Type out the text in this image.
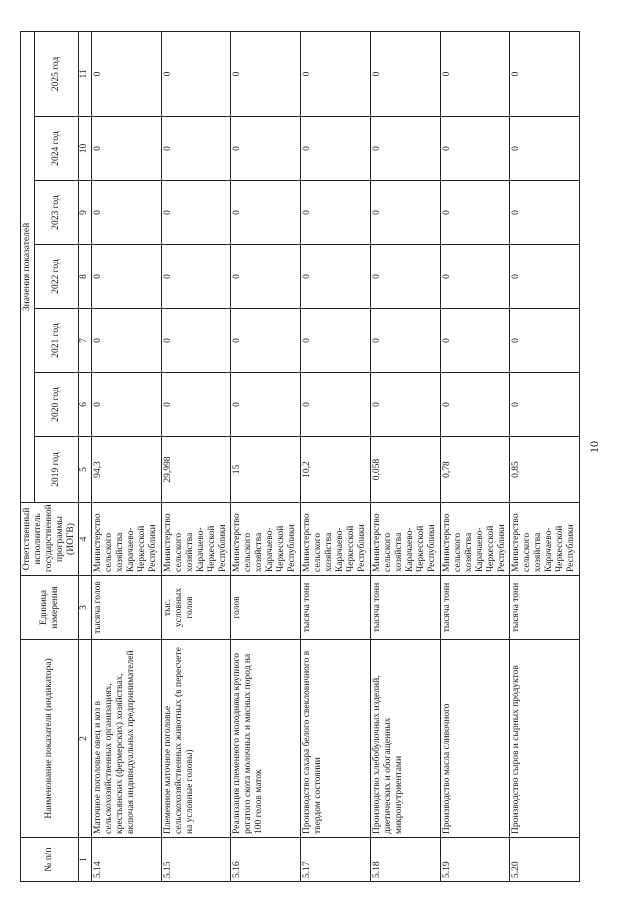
№ п/п	Наименование показателя (индикатора)	Единица измерения	Ответственный исполнитель государственной программы (ИОГВ)	Значения показателей						
				2019 год	2020 год	2021 год	2022 год	2023 год	2024 год	2025 год
1	2	3	4	5	6	7	8	9	10	11
5.14	Маточное поголовье овец и коз в сельскохозяйственных организациях, крестьянских (фермерских) хозяйствах, включая индивидуальных предпринимателей	тысяча голов	Министерство сельского хозяйства Карачаево-Черкесской Республики	94,3	0	0	0	0	0	0
5.15	Племенное маточное поголовье сельскохозяйственных животных (в пересчете на условные головы)	тыс. условных голов	Министерство сельского хозяйства Карачаево-Черкесской Республики	29,998	0	0	0	0	0	0
5.16	Реализация племенного молодняка крупного рогатого скота молочных и мясных пород на 100 голов маток	голов	Министерство сельского хозяйства Карачаево-Черкесской Республики	15	0	0	0	0	0	0
5.17	Производство сахара белого свекловичного в твердом состоянии	тысяча тонн	Министерство сельского хозяйства Карачаево-Черкесской Республики	10,2	0	0	0	0	0	0
5.18	Производство хлебобулочных изделий, диетических и обогащенных микронутриентами	тысяча тонн	Министерство сельского хозяйства Карачаево-Черкесской Республики	0,058	0	0	0	0	0	0
5.19	Производство масла сливочного	тысяча тонн	Министерство сельского хозяйства Карачаево-Черкесской Республики	0,78	0	0	0	0	0	0
5.20	Производство сыров и сырных продуктов	тысяча тонн	Министерство сельского хозяйства Карачаево-Черкесской Республики	0,85	0	0	0	0	0	0
10
